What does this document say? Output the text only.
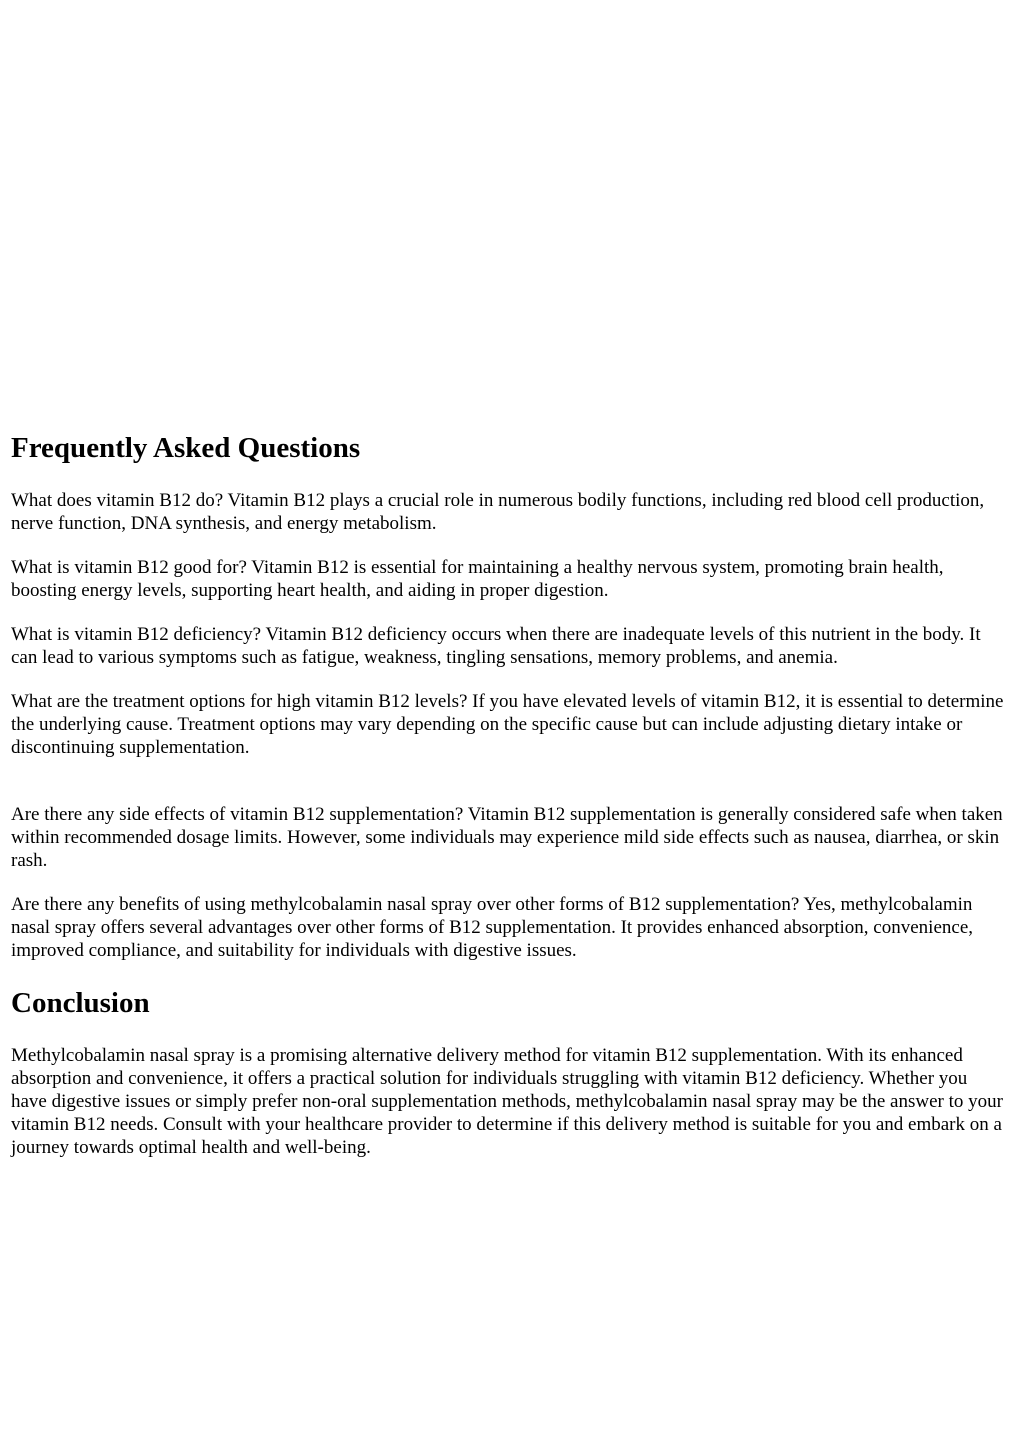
Frequently Asked Questions

What does vitamin B12 do? Vitamin B12 plays a crucial role in numerous bodily functions, including red blood cell production, nerve function, DNA synthesis, and energy metabolism.

What is vitamin B12 good for? Vitamin B12 is essential for maintaining a healthy nervous system, promoting brain health, boosting energy levels, supporting heart health, and aiding in proper digestion.

What is vitamin B12 deficiency? Vitamin B12 deficiency occurs when there are inadequate levels of this nutrient in the body. It can lead to various symptoms such as fatigue, weakness, tingling sensations, memory problems, and anemia.

What are the treatment options for high vitamin B12 levels? If you have elevated levels of vitamin B12, it is essential to determine the underlying cause. Treatment options may vary depending on the specific cause but can include adjusting dietary intake or discontinuing supplementation.

Are there any side effects of vitamin B12 supplementation? Vitamin B12 supplementation is generally considered safe when taken within recommended dosage limits. However, some individuals may experience mild side effects such as nausea, diarrhea, or skin rash.

Are there any benefits of using methylcobalamin nasal spray over other forms of B12 supplementation? Yes, methylcobalamin nasal spray offers several advantages over other forms of B12 supplementation. It provides enhanced absorption, convenience, improved compliance, and suitability for individuals with digestive issues.

Conclusion

Methylcobalamin nasal spray is a promising alternative delivery method for vitamin B12 supplementation. With its enhanced absorption and convenience, it offers a practical solution for individuals struggling with vitamin B12 deficiency. Whether you have digestive issues or simply prefer non-oral supplementation methods, methylcobalamin nasal spray may be the answer to your vitamin B12 needs. Consult with your healthcare provider to determine if this delivery method is suitable for you and embark on a journey towards optimal health and well-being.
